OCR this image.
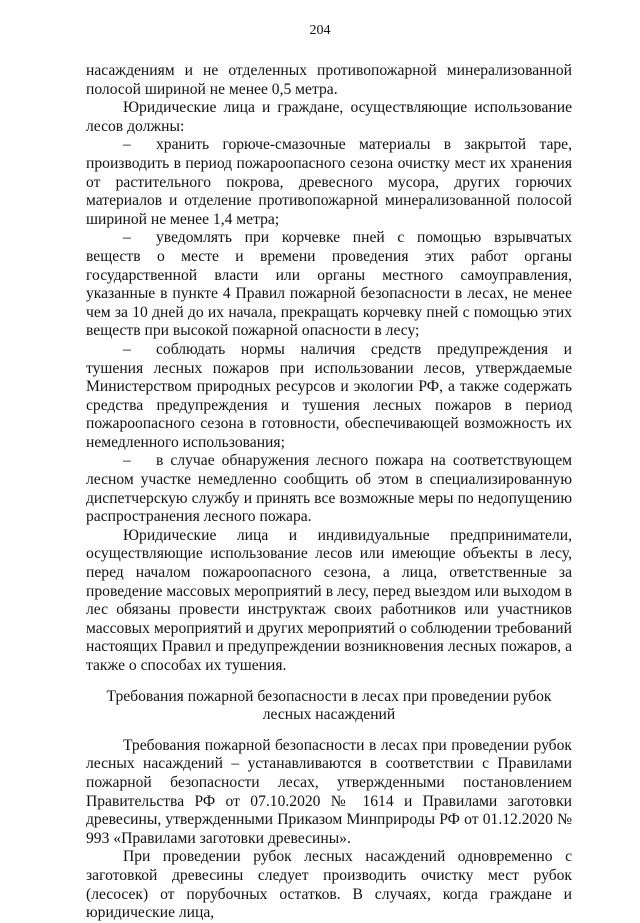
204

насаждениям и не отделенных противопожарной минерализованной полосой шириной не менее 0,5 метра.

Юридические лица и граждане, осуществляющие использование лесов должны:

– хранить горюче-смазочные материалы в закрытой таре, производить в период пожароопасного сезона очистку мест их хранения от растительного покрова, древесного мусора, других горючих материалов и отделение противопожарной минерализованной полосой шириной не менее 1,4 метра;

– уведомлять при корчевке пней с помощью взрывчатых веществ о месте и времени проведения этих работ органы государственной власти или органы местного самоуправления, указанные в пункте 4 Правил пожарной безопасности в лесах, не менее чем за 10 дней до их начала, прекращать корчевку пней с помощью этих веществ при высокой пожарной опасности в лесу;

– соблюдать нормы наличия средств предупреждения и тушения лесных пожаров при использовании лесов, утверждаемые Министерством природных ресурсов и экологии РФ, а также содержать средства предупреждения и тушения лесных пожаров в период пожароопасного сезона в готовности, обеспечивающей возможность их немедленного использования;

– в случае обнаружения лесного пожара на соответствующем лесном участке немедленно сообщить об этом в специализированную диспетчерскую службу и принять все возможные меры по недопущению распространения лесного пожара.

Юридические лица и индивидуальные предприниматели, осуществляющие использование лесов или имеющие объекты в лесу, перед началом пожароопасного сезона, а лица, ответственные за проведение массовых мероприятий в лесу, перед выездом или выходом в лес обязаны провести инструктаж своих работников или участников массовых мероприятий и других мероприятий о соблюдении требований настоящих Правил и предупреждении возникновения лесных пожаров, а также о способах их тушения.

Требования пожарной безопасности в лесах при проведении рубок лесных насаждений

Требования пожарной безопасности в лесах при проведении рубок лесных насаждений – устанавливаются в соответствии с Правилами пожарной безопасности лесах, утвержденными постановлением Правительства РФ от 07.10.2020 № 1614 и Правилами заготовки древесины, утвержденными Приказом Минприроды РФ от 01.12.2020 № 993 «Правилами заготовки древесины».

При проведении рубок лесных насаждений одновременно с заготовкой древесины следует производить очистку мест рубок (лесосек) от порубочных остатков. В случаях, когда граждане и юридические лица,
